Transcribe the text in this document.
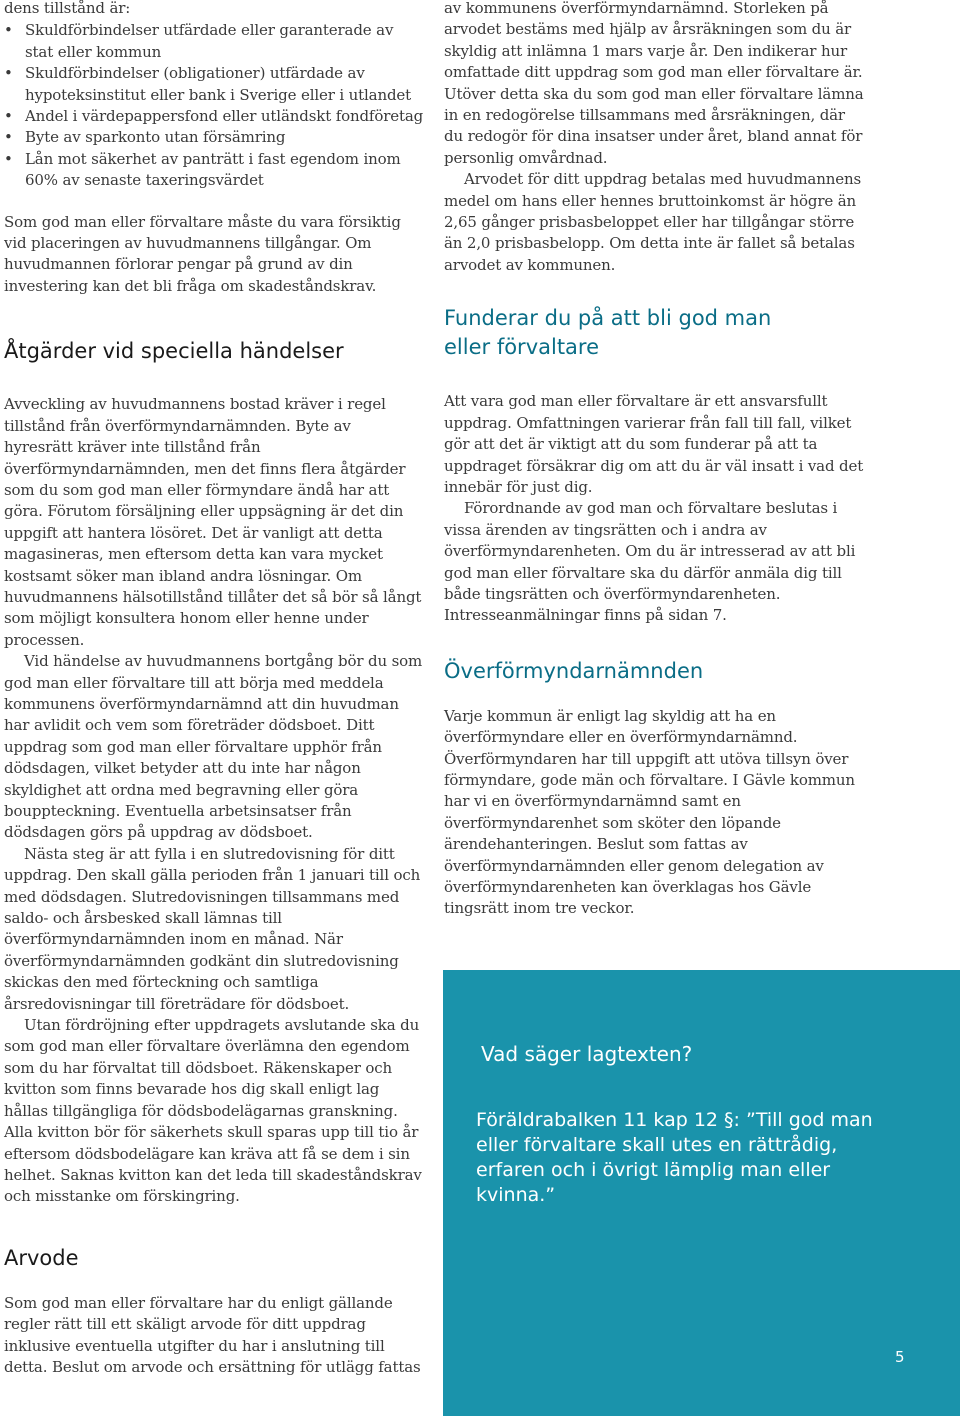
dens tillstånd är:

• Skuldförbindelser utfärdade eller garanterade av stat eller kommun
• Skuldförbindelser (obligationer) utfärdade av hypoteksinstitut eller bank i Sverige eller i utlandet
• Andel i värdepappersfond eller utländskt fondföretag
• Byte av sparkonto utan försämring
• Lån mot säkerhet av panträtt i fast egendom inom 60% av senaste taxeringsvärdet

Som god man eller förvaltare måste du vara försiktig vid placeringen av huvudmannens tillgångar. Om huvudmannen förlorar pengar på grund av din investering kan det bli fråga om skadeståndskrav.

Åtgärder vid speciella händelser

Avveckling av huvudmannens bostad kräver i regel tillstånd från överförmyndarnämnden. Byte av hyresrätt kräver inte tillstånd från överförmyndarnämnden, men det finns flera åtgärder som du som god man eller förmyndare ändå har att göra. Förutom försäljning eller uppsägning är det din uppgift att hantera lösöret. Det är vanligt att detta magasineras, men eftersom detta kan vara mycket kostsamt söker man ibland andra lösningar. Om huvudmannens hälsotillstånd tillåter det så bör så långt som möjligt konsultera honom eller henne under processen.

Vid händelse av huvudmannens bortgång bör du som god man eller förvaltare till att börja med meddela kommunens överförmyndarnämnd att din huvudman har avlidit och vem som företräder dödsboet. Ditt uppdrag som god man eller förvaltare upphör från dödsdagen, vilket betyder att du inte har någon skyldighet att ordna med begravning eller göra bouppteckning. Eventuella arbetsinsatser från dödsdagen görs på uppdrag av dödsboet.

Nästa steg är att fylla i en slutredovisning för ditt uppdrag. Den skall gälla perioden från 1 januari till och med dödsdagen. Slutredovisningen tillsammans med saldo- och årsbesked skall lämnas till överförmyndarnämnden inom en månad. När överförmyndarnämnden godkänt din slutredovisning skickas den med förteckning och samtliga årsredovisningar till företrädare för dödsboet.

Utan fördröjning efter uppdragets avslutande ska du som god man eller förvaltare överlämna den egendom som du har förvaltat till dödsboet. Räkenskaper och kvitton som finns bevarade hos dig skall enligt lag hållas tillgängliga för dödsbodelägarnas granskning. Alla kvitton bör för säkerhets skull sparas upp till tio år eftersom dödsbodelägare kan kräva att få se dem i sin helhet. Saknas kvitton kan det leda till skadeståndskrav och misstanke om förskingring.

Arvode

Som god man eller förvaltare har du enligt gällande regler rätt till ett skäligt arvode för ditt uppdrag inklusive eventuella utgifter du har i anslutning till detta. Beslut om arvode och ersättning för utlägg fattas

av kommunens överförmyndarnämnd. Storleken på arvodet bestäms med hjälp av årsräkningen som du är skyldig att inlämna 1 mars varje år. Den indikerar hur omfattade ditt uppdrag som god man eller förvaltare är. Utöver detta ska du som god man eller förvaltare lämna in en redogörelse tillsammans med årsräkningen, där du redogör för dina insatser under året, bland annat för personlig omvårdnad.

Arvodet för ditt uppdrag betalas med huvudmannens medel om hans eller hennes bruttoinkomst är högre än 2,65 gånger prisbasbeloppet eller har tillgångar större än 2,0 prisbasbelopp. Om detta inte är fallet så betalas arvodet av kommunen.

Funderar du på att bli god man eller förvaltare

Att vara god man eller förvaltare är ett ansvarsfullt uppdrag. Omfattningen varierar från fall till fall, vilket gör att det är viktigt att du som funderar på att ta uppdraget försäkrar dig om att du är väl insatt i vad det innebär för just dig.

Förordnande av god man och förvaltare beslutas i vissa ärenden av tingsrätten och i andra av överförmyndarenheten. Om du är intresserad av att bli god man eller förvaltare ska du därför anmäla dig till både tingsrätten och överförmyndarenheten. Intresseanmälningar finns på sidan 7.

Överförmyndarnämnden

Varje kommun är enligt lag skyldig att ha en överförmyndare eller en överförmyndarnämnd. Överförmyndaren har till uppgift att utöva tillsyn över förmyndare, gode män och förvaltare. I Gävle kommun har vi en överförmyndarnämnd samt en överförmyndarenhet som sköter den löpande ärendehanteringen. Beslut som fattas av överförmyndarnämnden eller genom delegation av överförmyndarenheten kan överklagas hos Gävle tingsrätt inom tre veckor.

Vad säger lagtexten?
Föräldrabalken 11 kap 12 §: ”Till god man eller förvaltare skall utes en rättrådig, erfaren och i övrigt lämplig man eller kvinna.”
5
